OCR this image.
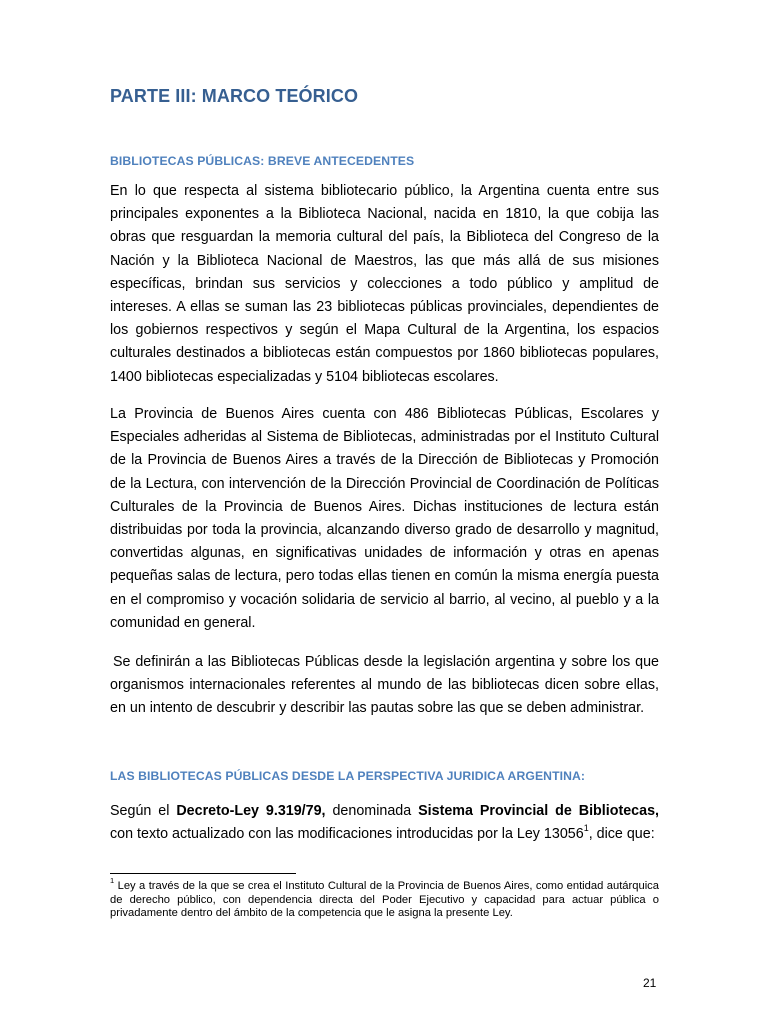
PARTE III: MARCO TEÓRICO
BIBLIOTECAS PÚBLICAS: BREVE ANTECEDENTES

En lo que respecta al sistema bibliotecario público, la Argentina cuenta entre sus principales exponentes a la Biblioteca Nacional, nacida en 1810, la que cobija las obras que resguardan la memoria cultural del país, la Biblioteca del Congreso de la Nación y la Biblioteca Nacional de Maestros, las que más allá de sus misiones específicas, brindan sus servicios y colecciones a todo público y amplitud de intereses. A ellas se suman las 23 bibliotecas públicas provinciales, dependientes de los gobiernos respectivos y según el Mapa Cultural de la Argentina, los espacios culturales destinados a bibliotecas están compuestos por 1860 bibliotecas populares, 1400 bibliotecas especializadas y 5104 bibliotecas escolares.

La Provincia de Buenos Aires cuenta con 486 Bibliotecas Públicas, Escolares y Especiales adheridas al Sistema de Bibliotecas, administradas por el Instituto Cultural de la Provincia de Buenos Aires a través de la Dirección de Bibliotecas y Promoción de la Lectura, con intervención de la Dirección Provincial de Coordinación de Políticas Culturales de la Provincia de Buenos Aires. Dichas instituciones de lectura están distribuidas por toda la provincia, alcanzando diverso grado de desarrollo y magnitud, convertidas algunas, en significativas unidades de información y otras en apenas pequeñas salas de lectura, pero todas ellas tienen en común la misma energía puesta en el compromiso y vocación solidaria de servicio al barrio, al vecino, al pueblo y a la comunidad en general.

Se definirán a las Bibliotecas Públicas desde la legislación argentina y sobre los que organismos internacionales referentes al mundo de las bibliotecas dicen sobre ellas, en un intento de descubrir y describir las pautas sobre las que se deben administrar.

LAS BIBLIOTECAS PÚBLICAS DESDE LA PERSPECTIVA JURIDICA ARGENTINA:

Según el Decreto-Ley 9.319/79, denominada Sistema Provincial de Bibliotecas, con texto actualizado con las modificaciones introducidas por la Ley 13056$^1$, dice que:

$^1$ Ley a través de la que se crea el Instituto Cultural de la Provincia de Buenos Aires, como entidad autárquica de derecho público, con dependencia directa del Poder Ejecutivo y capacidad para actuar pública o privadamente dentro del ámbito de la competencia que le asigna la presente Ley.

21
